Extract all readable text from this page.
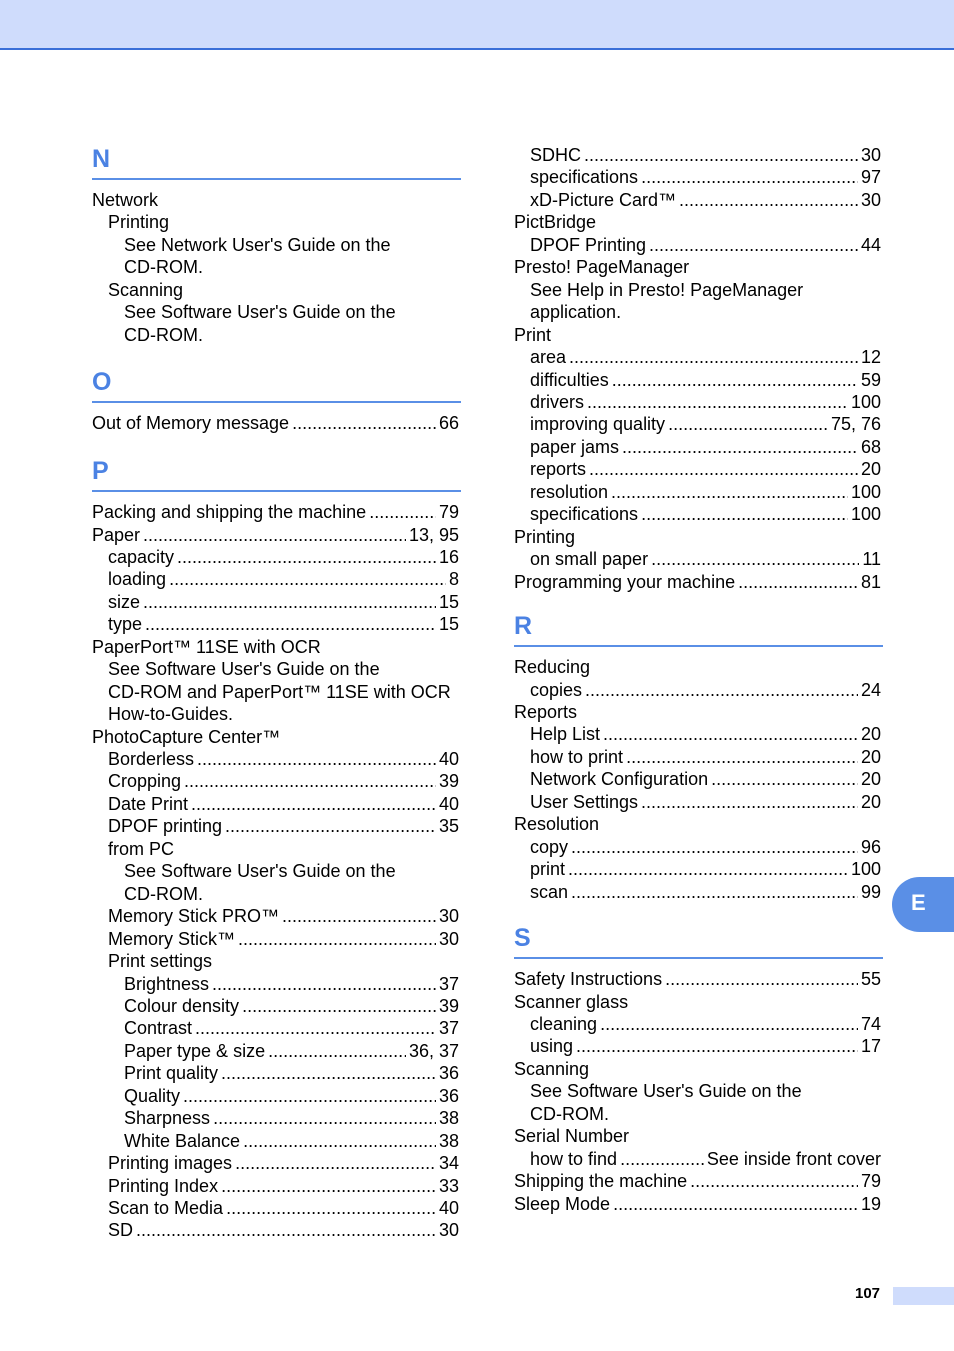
N
Network
Printing
See Network User's Guide on the
CD-ROM.
Scanning
See Software User's Guide on the
CD-ROM.
O
Out of Memory message .....	66
P
Packing and shipping the machine .....	79
Paper .....	13, 95
capacity .....	16
loading .....	8
size .....	15
type .....	15
PaperPort™ 11SE with OCR
See Software User's Guide on the
CD-ROM and PaperPort™ 11SE with OCR
How-to-Guides.
PhotoCapture Center™
Borderless .....	40
Cropping .....	39
Date Print .....	40
DPOF printing .....	35
from PC
See Software User's Guide on the
CD-ROM.
Memory Stick PRO™ .....	30
Memory Stick™ .....	30
Print settings
Brightness .....	37
Colour density .....	39
Contrast .....	37
Paper type & size .....	36, 37
Print quality .....	36
Quality .....	36
Sharpness .....	38
White Balance .....	38
Printing images .....	34
Printing Index .....	33
Scan to Media .....	40
SD .....	30
SDHC .....	30
specifications .....	97
xD-Picture Card™ .....	30
PictBridge
DPOF Printing .....	44
Presto! PageManager
See Help in Presto! PageManager
application.
Print
area .....	12
difficulties .....	59
drivers .....	100
improving quality .....	75, 76
paper jams .....	68
reports .....	20
resolution .....	100
specifications .....	100
Printing
on small paper .....	11
Programming your machine .....	81
R
Reducing
copies .....	24
Reports
Help List .....	20
how to print .....	20
Network Configuration .....	20
User Settings .....	20
Resolution
copy .....	96
print .....	100
scan .....	99
S
Safety Instructions .....	55
Scanner glass
cleaning .....	74
using .....	17
Scanning
See Software User's Guide on the
CD-ROM.
Serial Number
how to find .....	See inside front cover
Shipping the machine .....	79
Sleep Mode .....	19
E
107
